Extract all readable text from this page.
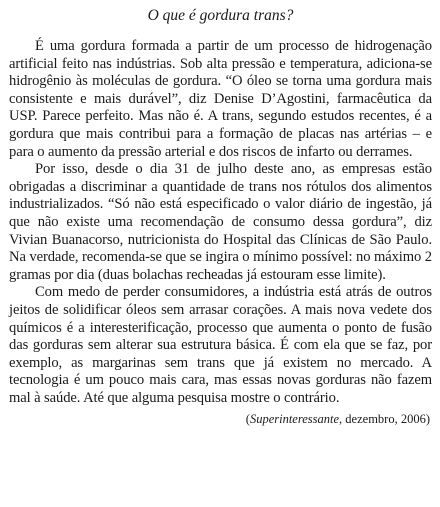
O que é gordura trans?

É uma gordura formada a partir de um processo de hidrogenação artificial feito nas indústrias. Sob alta pressão e temperatura, adiciona-se hidrogênio às moléculas de gordura. “O óleo se torna uma gordura mais consistente e mais durável”, diz Denise D’Agostini, farmacêutica da USP. Parece perfeito. Mas não é. A trans, segundo estudos recentes, é a gordura que mais contribui para a formação de placas nas artérias – e para o aumento da pressão arterial e dos riscos de infarto ou derrames.

Por isso, desde o dia 31 de julho deste ano, as empresas estão obrigadas a discriminar a quantidade de trans nos rótulos dos alimentos industrializados. “Só não está especificado o valor diário de ingestão, já que não existe uma recomendação de consumo dessa gordura”, diz Vivian Buanacorso, nutricionista do Hospital das Clínicas de São Paulo. Na verdade, recomenda-se que se ingira o mínimo possível: no máximo 2 gramas por dia (duas bolachas recheadas já estouram esse limite).

Com medo de perder consumidores, a indústria está atrás de outros jeitos de solidificar óleos sem arrasar corações. A mais nova vedete dos químicos é a interesterificação, processo que aumenta o ponto de fusão das gorduras sem alterar sua estrutura básica. É com ela que se faz, por exemplo, as margarinas sem trans que já existem no mercado. A tecnologia é um pouco mais cara, mas essas novas gorduras não fazem mal à saúde. Até que alguma pesquisa mostre o contrário.

(Superinteressante, dezembro, 2006)
